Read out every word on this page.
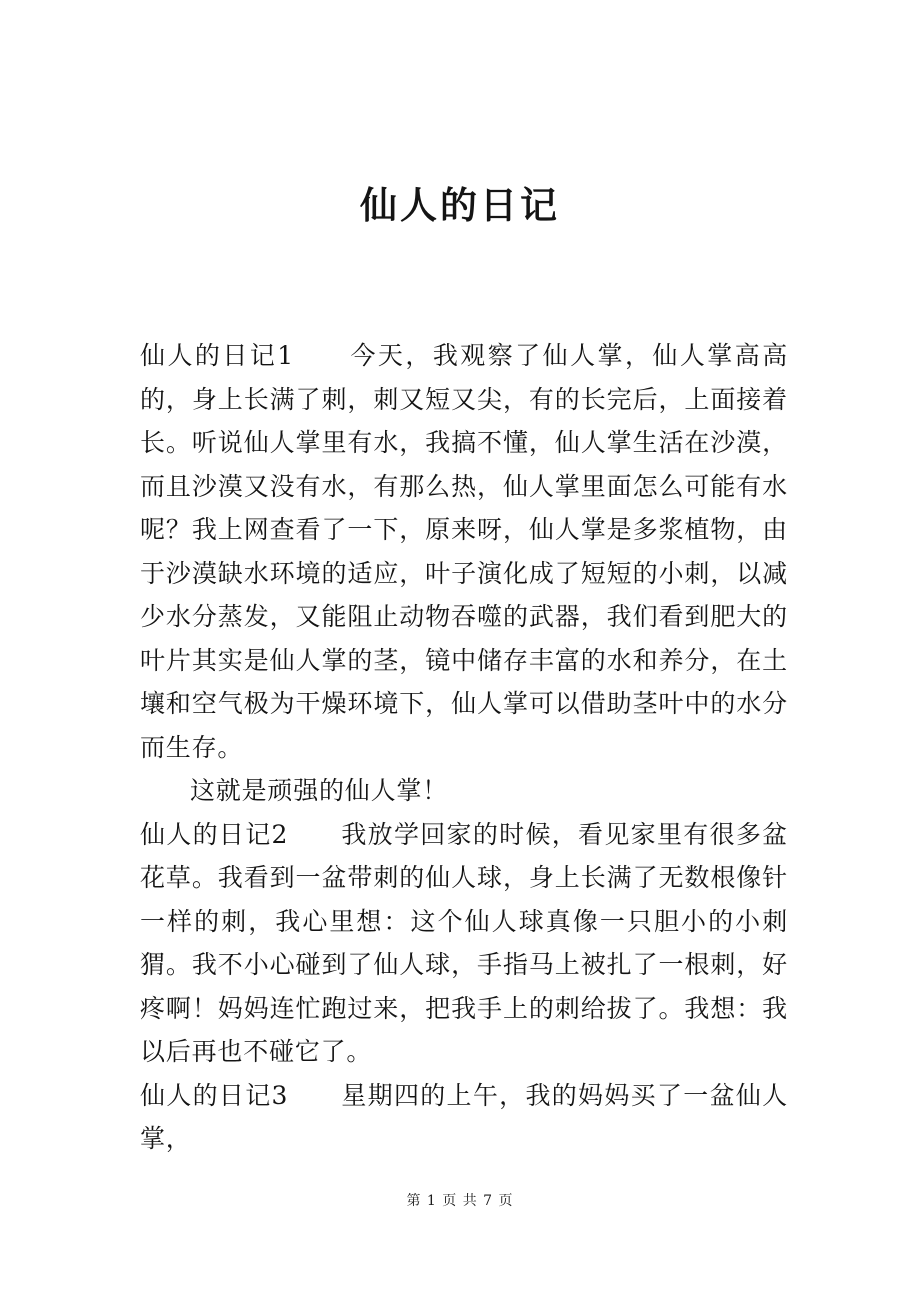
仙人的日记

仙人的日记1　　今天，我观察了仙人掌，仙人掌高高的，身上长满了刺，刺又短又尖，有的长完后，上面接着长。听说仙人掌里有水，我搞不懂，仙人掌生活在沙漠，而且沙漠又没有水，有那么热，仙人掌里面怎么可能有水呢？我上网查看了一下，原来呀，仙人掌是多浆植物，由于沙漠缺水环境的适应，叶子演化成了短短的小刺，以减少水分蒸发，又能阻止动物吞噬的武器，我们看到肥大的叶片其实是仙人掌的茎，镜中储存丰富的水和养分，在土壤和空气极为干燥环境下，仙人掌可以借助茎叶中的水分而生存。

这就是顽强的仙人掌！

仙人的日记2　　我放学回家的时候，看见家里有很多盆花草。我看到一盆带刺的仙人球，身上长满了无数根像针一样的刺，我心里想：这个仙人球真像一只胆小的小刺猬。我不小心碰到了仙人球，手指马上被扎了一根刺，好疼啊！妈妈连忙跑过来，把我手上的刺给拔了。我想：我以后再也不碰它了。

仙人的日记3　　星期四的上午，我的妈妈买了一盆仙人掌，

第 1 页 共 7 页
